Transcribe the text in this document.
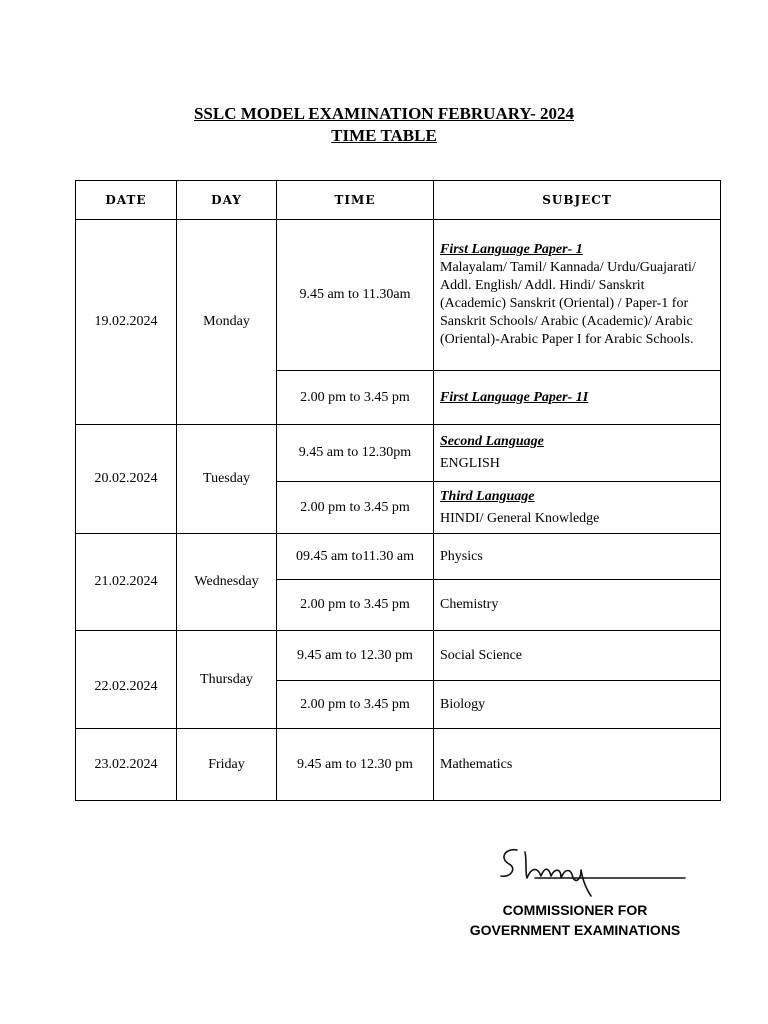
SSLC MODEL EXAMINATION FEBRUARY- 2024
TIME TABLE
DATE	DAY	TIME	SUBJECT
19.02.2024	Monday	9.45 am to 11.30am	First Language Paper- 1
Malayalam/ Tamil/ Kannada/ Urdu/Guajarati/ Addl. English/ Addl. Hindi/ Sanskrit (Academic) Sanskrit (Oriental) / Paper-1 for Sanskrit Schools/ Arabic (Academic)/ Arabic (Oriental)-Arabic Paper I for Arabic Schools.

		2.00 pm to 3.45 pm	First Language Paper- 1I

20.02.2024	Tuesday	9.45 am to 12.30pm	Second Language
ENGLISH

		2.00 pm to 3.45 pm	Third Language
HINDI/ General Knowledge

21.02.2024	Wednesday	09.45 am to11.30 am	Physics
		2.00 pm to 3.45 pm	Chemistry
22.02.2024	Thursday	9.45 am to 12.30 pm	Social Science
		2.00 pm to 3.45 pm	Biology
23.02.2024	Friday	9.45 am to 12.30 pm	Mathematics
COMMISSIONER FOR
GOVERNMENT EXAMINATIONS
